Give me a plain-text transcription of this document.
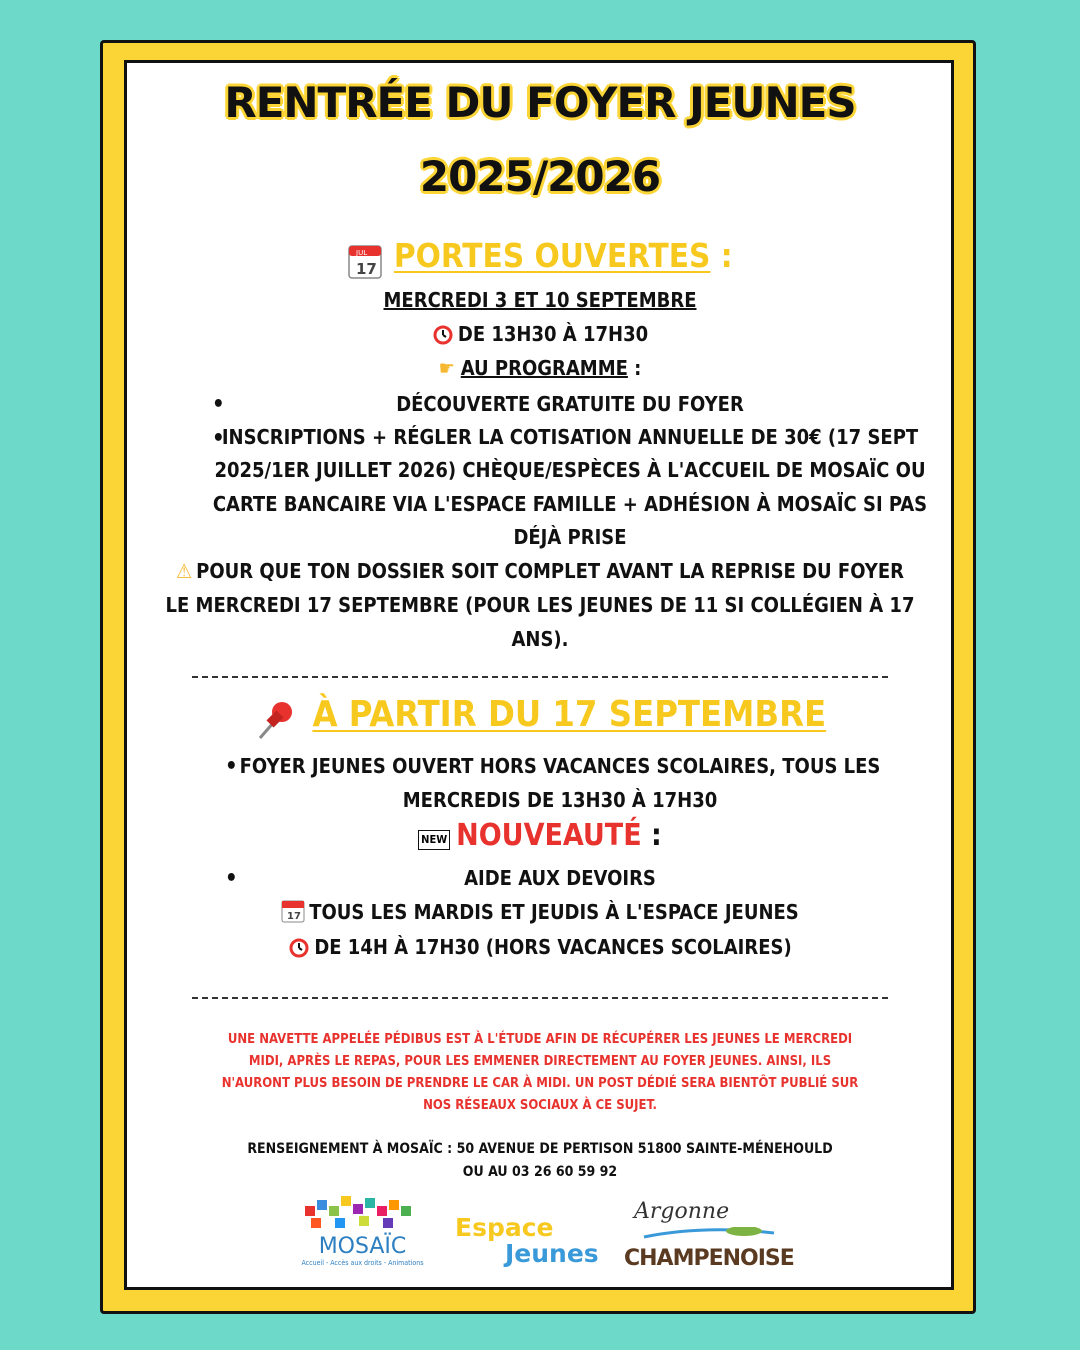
RENTRÉE DU FOYER JEUNES
2025/2026
JUL
17 PORTES OUVERTES :
MERCREDI 3 ET 10 SEPTEMBRE
DE 13H30 À 17H30
☛ AU PROGRAMME :
•	DÉCOUVERTE GRATUITE DU FOYER
•
INSCRIPTIONS + RÉGLER LA COTISATION ANNUELLE DE 30€ (17 SEPT
2025/1ER JUILLET 2026) CHÈQUE/ESPÈCES À L'ACCUEIL DE MOSAÏC OU
CARTE BANCAIRE VIA L'ESPACE FAMILLE + ADHÉSION À MOSAÏC SI PAS
DÉJÀ PRISE
⚠ POUR QUE TON DOSSIER SOIT COMPLET AVANT LA REPRISE DU FOYER
LE MERCREDI 17 SEPTEMBRE (POUR LES JEUNES DE 11 SI COLLÉGIEN À 17
ANS).
À PARTIR DU 17 SEPTEMBRE
• FOYER JEUNES OUVERT HORS VACANCES SCOLAIRES, TOUS LES
MERCREDIS DE 13H30 À 17H30
NEW NOUVEAUTÉ :
•	AIDE AUX DEVOIRS
17 TOUS LES MARDIS ET JEUDIS À L'ESPACE JEUNES
DE 14H À 17H30 (HORS VACANCES SCOLAIRES)
UNE NAVETTE APPELÉE PÉDIBUS EST À L'ÉTUDE AFIN DE RÉCUPÉRER LES JEUNES LE MERCREDI
MIDI, APRÈS LE REPAS, POUR LES EMMENER DIRECTEMENT AU FOYER JEUNES. AINSI, ILS
N'AURONT PLUS BESOIN DE PRENDRE LE CAR À MIDI. UN POST DÉDIÉ SERA BIENTÔT PUBLIÉ SUR
NOS RÉSEAUX SOCIAUX À CE SUJET.
RENSEIGNEMENT À MOSAÏC : 50 AVENUE DE PERTISON 51800 SAINTE-MÉNEHOULD
OU AU 03 26 60 59 92
MOSAÏC
Accueil - Accès aux droits - Animations
Espace
Jeunes
Argonne
CHAMPENOISE
